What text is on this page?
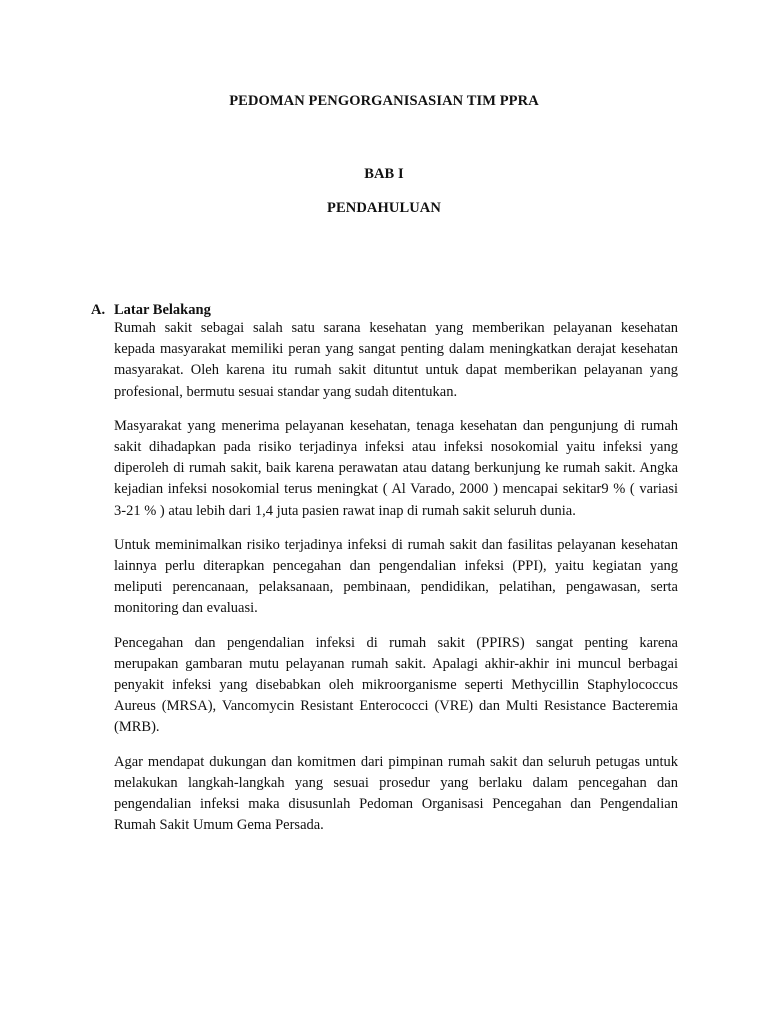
PEDOMAN PENGORGANISASIAN TIM PPRA
BAB I
PENDAHULUAN
A. Latar Belakang
Rumah sakit sebagai salah satu sarana kesehatan yang memberikan pelayanan kesehatan
kepada masyarakat memiliki peran yang sangat penting dalam meningkatkan derajat kesehatan
masyarakat. Oleh karena itu rumah sakit dituntut untuk dapat memberikan pelayanan yang
profesional, bermutu sesuai standar yang sudah ditentukan.
Masyarakat yang menerima pelayanan kesehatan, tenaga kesehatan dan pengunjung di rumah
sakit dihadapkan pada risiko terjadinya infeksi atau infeksi nosokomial yaitu infeksi yang
diperoleh di rumah sakit, baik karena perawatan atau datang berkunjung ke rumah sakit. Angka
kejadian infeksi nosokomial terus meningkat ( Al Varado, 2000 ) mencapai sekitar9 % ( variasi
3-21 % ) atau lebih dari 1,4 juta pasien rawat inap di rumah sakit seluruh dunia.
Untuk meminimalkan risiko terjadinya infeksi di rumah sakit dan fasilitas pelayanan kesehatan
lainnya perlu diterapkan pencegahan dan pengendalian infeksi (PPI), yaitu kegiatan yang
meliputi perencanaan, pelaksanaan, pembinaan, pendidikan, pelatihan, pengawasan, serta
monitoring dan evaluasi.
Pencegahan dan pengendalian infeksi di rumah sakit (PPIRS) sangat penting karena
merupakan gambaran mutu pelayanan rumah sakit. Apalagi akhir-akhir ini muncul berbagai
penyakit infeksi yang disebabkan oleh mikroorganisme seperti Methycillin Staphylococcus
Aureus (MRSA), Vancomycin Resistant Enterococci (VRE) dan Multi Resistance Bacteremia
(MRB).
Agar mendapat dukungan dan komitmen dari pimpinan rumah sakit dan seluruh petugas untuk
melakukan langkah-langkah yang sesuai prosedur yang berlaku dalam pencegahan dan
pengendalian infeksi maka disusunlah Pedoman Organisasi Pencegahan dan Pengendalian
Rumah Sakit Umum Gema Persada.
